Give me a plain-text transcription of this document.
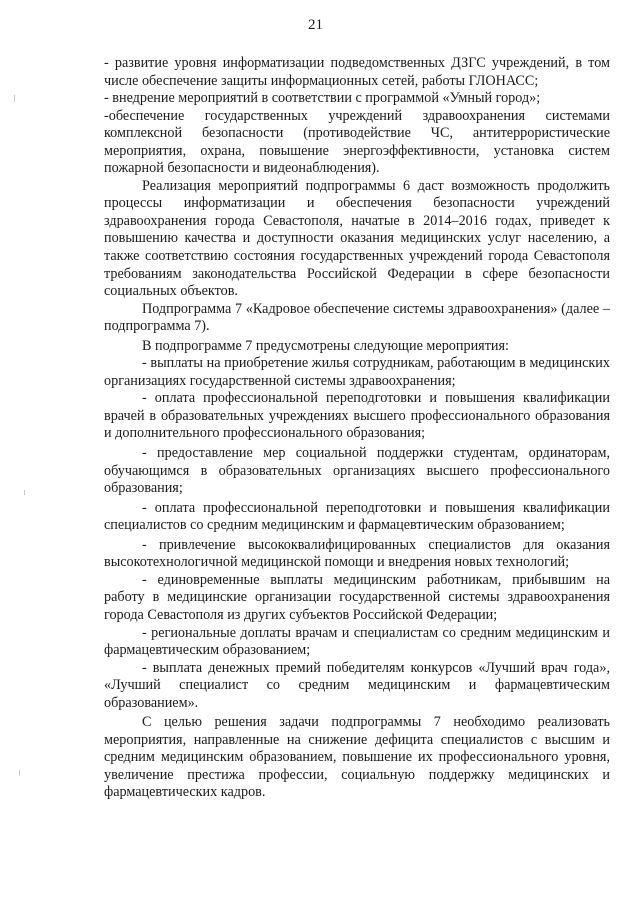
21

- развитие уровня информатизации подведомственных ДЗГС учреждений, в том числе обеспечение защиты информационных сетей, работы ГЛОНАСС;

- внедрение мероприятий в соответствии с программой «Умный город»;

-обеспечение государственных учреждений здравоохранения системами комплексной безопасности (противодействие ЧС, антитеррористические мероприятия, охрана, повышение энергоэффективности, установка систем пожарной безопасности и видеонаблюдения).

Реализация мероприятий подпрограммы 6 даст возможность продолжить процессы информатизации и обеспечения безопасности учреждений здравоохранения города Севастополя, начатые в 2014–2016 годах, приведет к повышению качества и доступности оказания медицинских услуг населению, а также соответствию состояния государственных учреждений города Севастополя требованиям законодательства Российской Федерации в сфере безопасности социальных объектов.

Подпрограмма 7 «Кадровое обеспечение системы здравоохранения» (далее – подпрограмма 7).

В подпрограмме 7 предусмотрены следующие мероприятия:

- выплаты на приобретение жилья сотрудникам, работающим в медицинских организациях государственной системы здравоохранения;

- оплата профессиональной переподготовки и повышения квалификации врачей в образовательных учреждениях высшего профессионального образования и дополнительного профессионального образования;

- предоставление мер социальной поддержки студентам, ординаторам, обучающимся в образовательных организациях высшего профессионального образования;

- оплата профессиональной переподготовки и повышения квалификации специалистов со средним медицинским и фармацевтическим образованием;

- привлечение высококвалифицированных специалистов для оказания высокотехнологичной медицинской помощи и внедрения новых технологий;

- единовременные выплаты медицинским работникам, прибывшим на работу в медицинские организации государственной системы здравоохранения города Севастополя из других субъектов Российской Федерации;

- региональные доплаты врачам и специалистам со средним медицинским и фармацевтическим образованием;

- выплата денежных премий победителям конкурсов «Лучший врач года», «Лучший специалист со средним медицинским и фармацевтическим образованием».

С целью решения задачи подпрограммы 7 необходимо реализовать мероприятия, направленные на снижение дефицита специалистов с высшим и средним медицинским образованием, повышение их профессионального уровня, увеличение престижа профессии, социальную поддержку медицинских и фармацевтических кадров.
